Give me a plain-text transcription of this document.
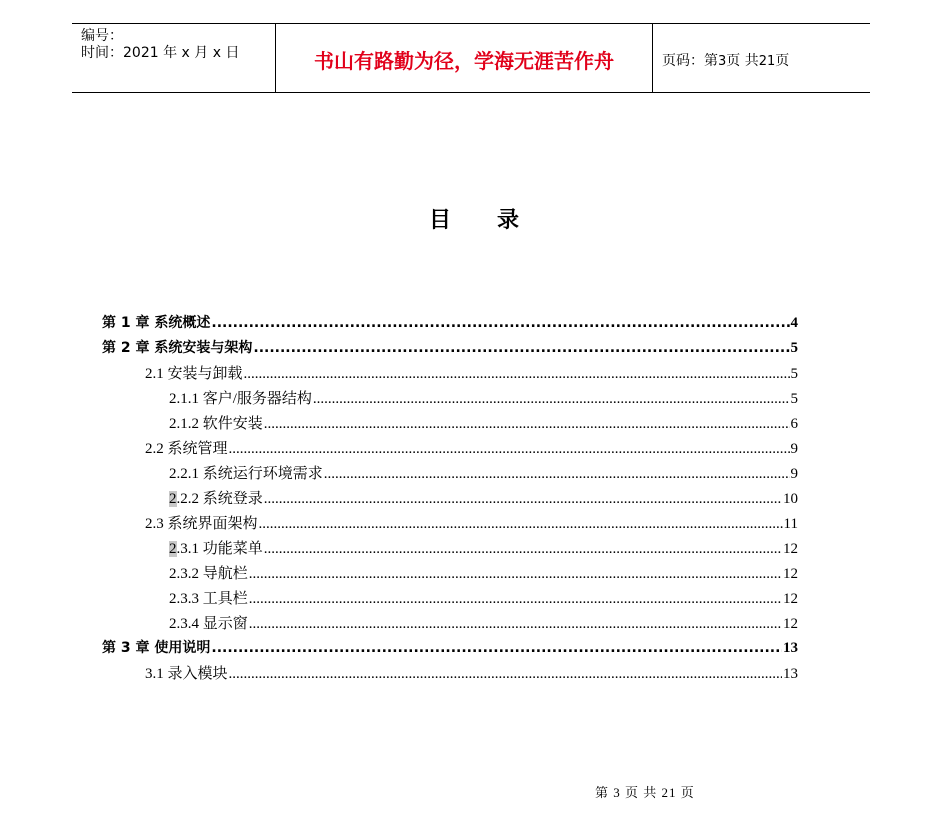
编号：
时间：2021 年 x 月 x 日	书山有路勤为径，学海无涯苦作舟	页码：第3页 共21页
目 录
第 1 章 系统概述 .....	4
第 2 章 系统安装与架构 .....	5
2.1 安装与卸载 .....	5
2.1.1 客户/服务器结构 .....	5
2.1.2 软件安装 .....	6
2.2 系统管理 .....	9
2.2.1 系统运行环境需求 .....	9
2.2.2 系统登录 .....	10
2.3 系统界面架构 .....	11
2.3.1 功能菜单 .....	12
2.3.2 导航栏 .....	12
2.3.3 工具栏 .....	12
2.3.4 显示窗 .....	12
第 3 章 使用说明 .....	13
3.1 录入模块 .....	13
第 3 页 共 21 页
